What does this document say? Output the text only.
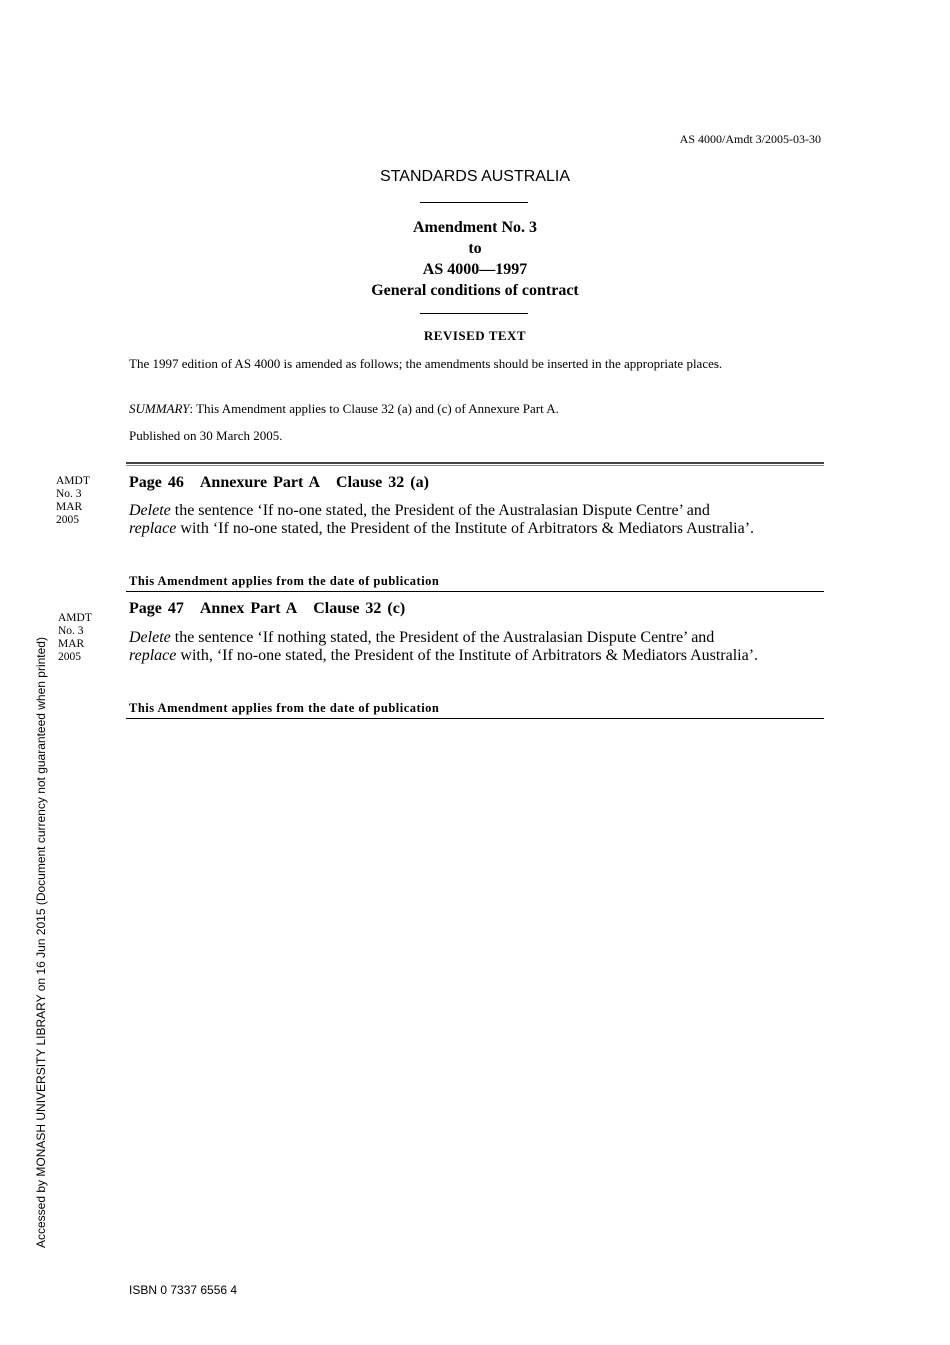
AS 4000/Amdt 3/2005-03-30
STANDARDS AUSTRALIA
Amendment No. 3
to
AS 4000—1997
General conditions of contract
REVISED TEXT
The 1997 edition of AS 4000 is amended as follows; the amendments should be inserted in the appropriate places.
SUMMARY: This Amendment applies to Clause 32 (a) and (c) of Annexure Part A.
Published on 30 March 2005.
AMDT
No. 3
MAR
2005
Page 46 Annexure Part A Clause 32 (a)
Delete the sentence ‘If no-one stated, the President of the Australasian Dispute Centre’ and
replace with ‘If no-one stated, the President of the Institute of Arbitrators & Mediators Australia’.
This Amendment applies from the date of publication
AMDT
No. 3
MAR
2005
Page 47 Annex Part A Clause 32 (c)
Delete the sentence ‘If nothing stated, the President of the Australasian Dispute Centre’ and
replace with, ‘If no-one stated, the President of the Institute of Arbitrators & Mediators Australia’.
This Amendment applies from the date of publication
Accessed by MONASH UNIVERSITY LIBRARY on 16 Jun 2015 (Document currency not guaranteed when printed)
ISBN 0 7337 6556 4
